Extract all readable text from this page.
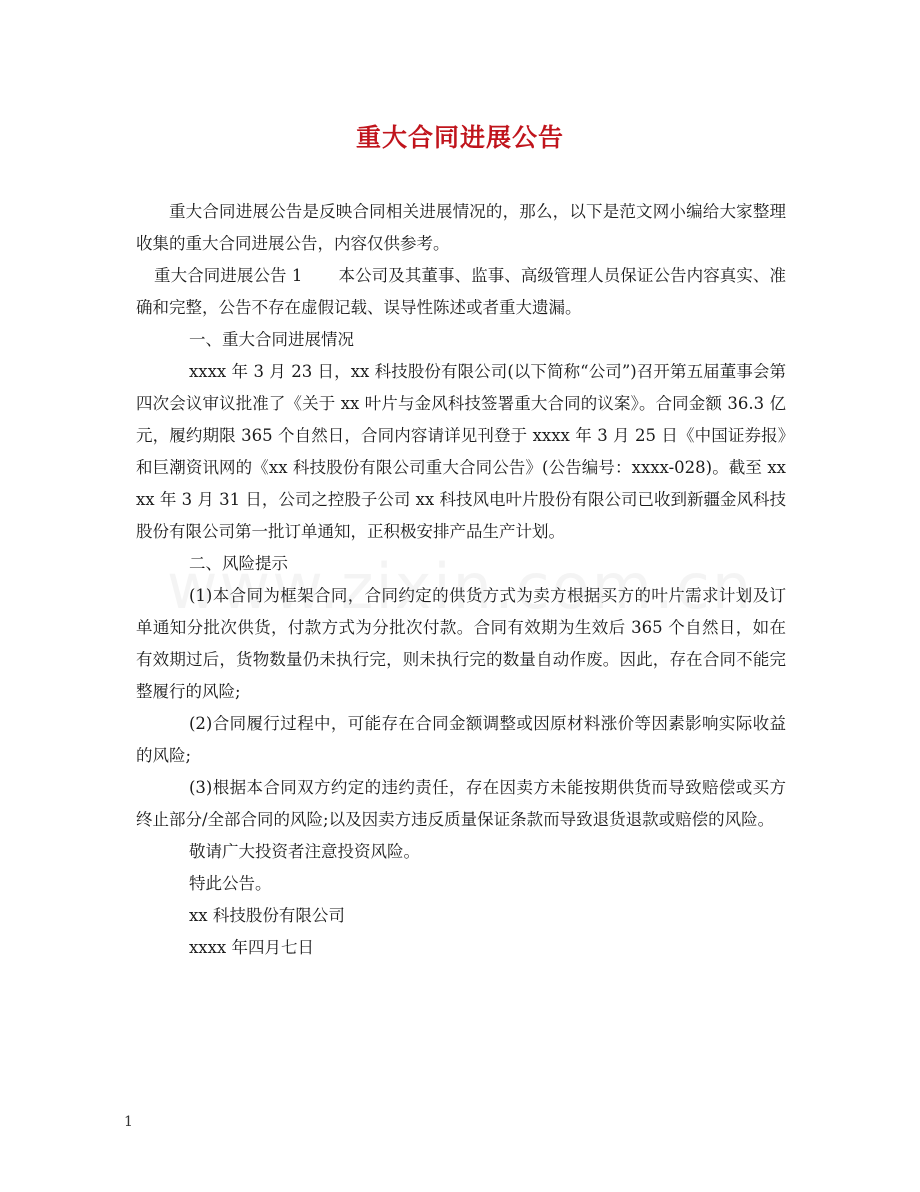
重大合同进展公告

重大合同进展公告是反映合同相关进展情况的，那么，以下是范文网小编给大家整理收集的重大合同进展公告，内容仅供参考。

重大合同进展公告 1 本公司及其董事、监事、高级管理人员保证公告内容真实、准确和完整，公告不存在虚假记载、误导性陈述或者重大遗漏。

一、重大合同进展情况

xxxx 年 3 月 23 日，xx 科技股份有限公司(以下简称“公司”)召开第五届董事会第四次会议审议批准了《关于 xx 叶片与金风科技签署重大合同的议案》。合同金额 36.3 亿元，履约期限 365 个自然日，合同内容请详见刊登于 xxxx 年 3 月 25 日《中国证券报》和巨潮资讯网的《xx 科技股份有限公司重大合同公告》(公告编号：xxxx-028)。截至 xxxx 年 3 月 31 日，公司之控股子公司 xx 科技风电叶片股份有限公司已收到新疆金风科技股份有限公司第一批订单通知，正积极安排产品生产计划。

二、风险提示

(1)本合同为框架合同，合同约定的供货方式为卖方根据买方的叶片需求计划及订单通知分批次供货，付款方式为分批次付款。合同有效期为生效后 365 个自然日，如在有效期过后，货物数量仍未执行完，则未执行完的数量自动作废。因此，存在合同不能完整履行的风险;

(2)合同履行过程中，可能存在合同金额调整或因原材料涨价等因素影响实际收益的风险;

(3)根据本合同双方约定的违约责任，存在因卖方未能按期供货而导致赔偿或买方终止部分/全部合同的风险;以及因卖方违反质量保证条款而导致退货退款或赔偿的风险。

敬请广大投资者注意投资风险。

特此公告。

xx 科技股份有限公司

xxxx 年四月七日

1
